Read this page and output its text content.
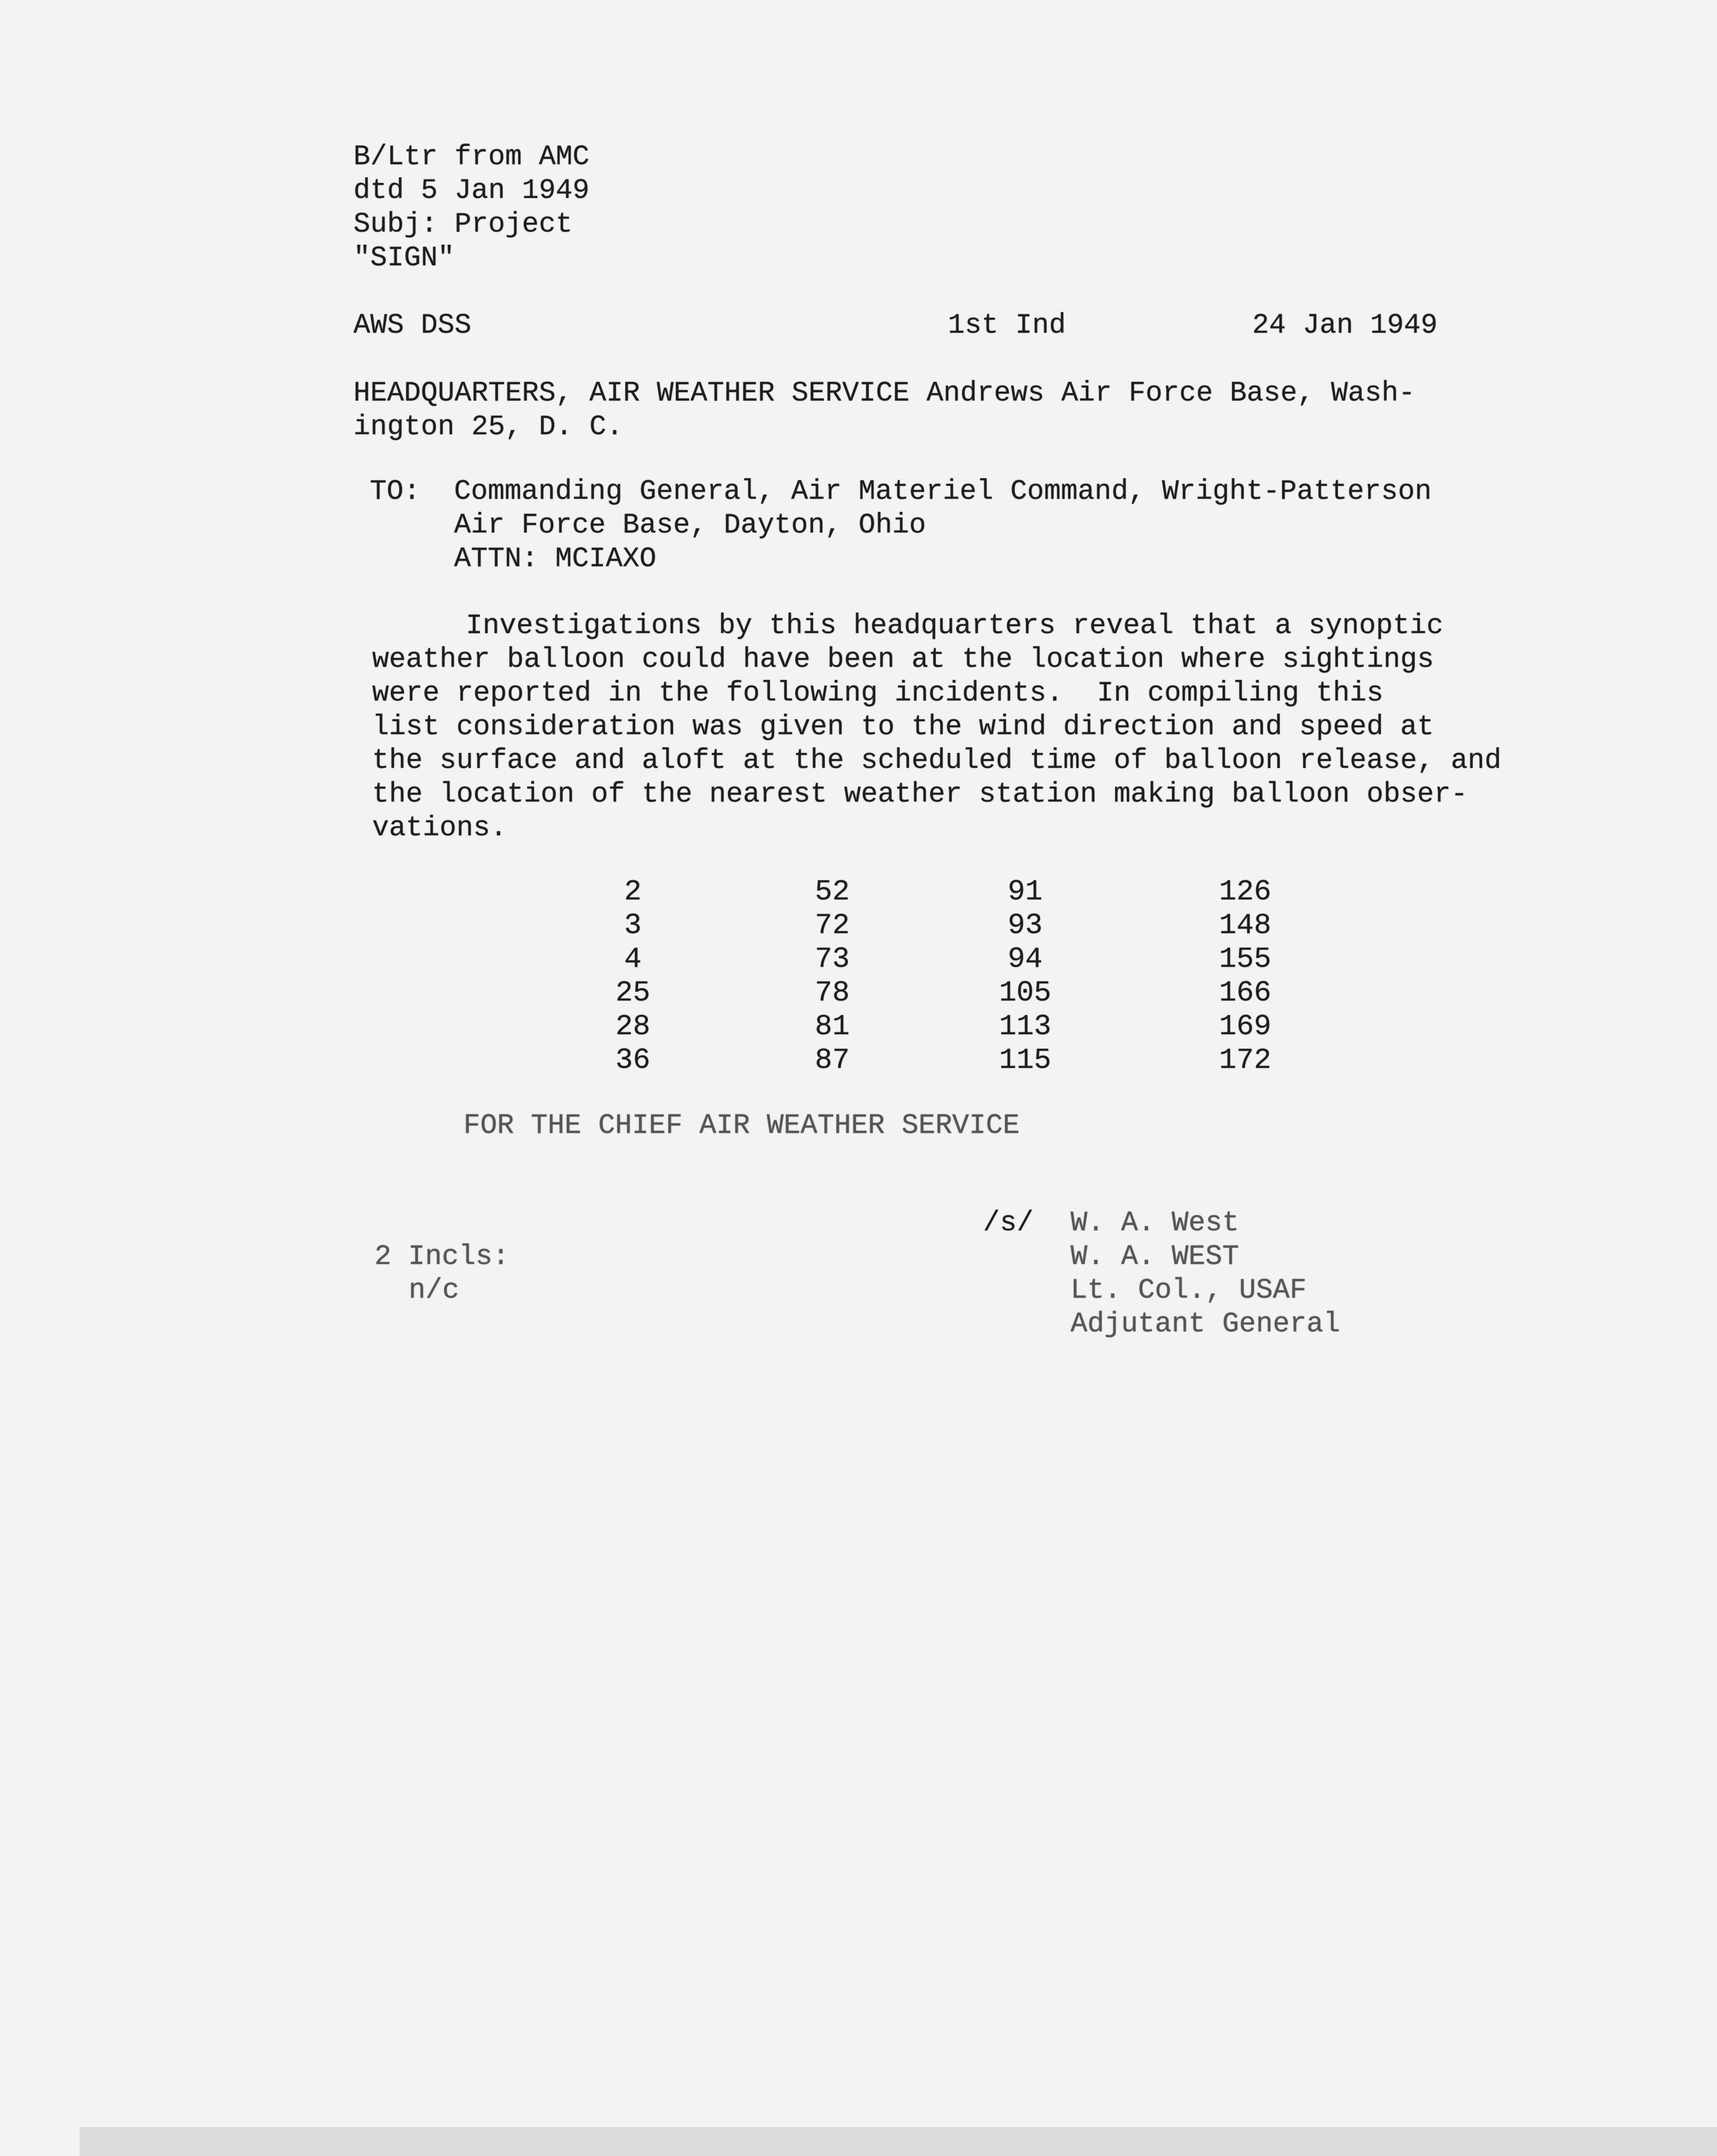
B/Ltr from AMC
dtd 5 Jan 1949
Subj: Project
"SIGN"
AWS DSS	1st Ind	24 Jan 1949
HEADQUARTERS, AIR WEATHER SERVICE Andrews Air Force Base, Wash-
ington 25, D. C.
TO: Commanding General, Air Materiel Command, Wright-Patterson
Air Force Base, Dayton, Ohio
ATTN: MCIAXO
Investigations by this headquarters reveal that a synoptic
weather balloon could have been at the location where sightings
were reported in the following incidents.  In compiling this
list consideration was given to the wind direction and speed at
the surface and aloft at the scheduled time of balloon release, and
the location of the nearest weather station making balloon obser-
vations.
2
3
4
25
28
36
52
72
73
78
81
87
91
93
94
105
113
115
126
148
155
166
169
172
FOR THE CHIEF AIR WEATHER SERVICE
/s/ W. A. West
W. A. WEST
Lt. Col., USAF
Adjutant General
2 Incls:
n/c
